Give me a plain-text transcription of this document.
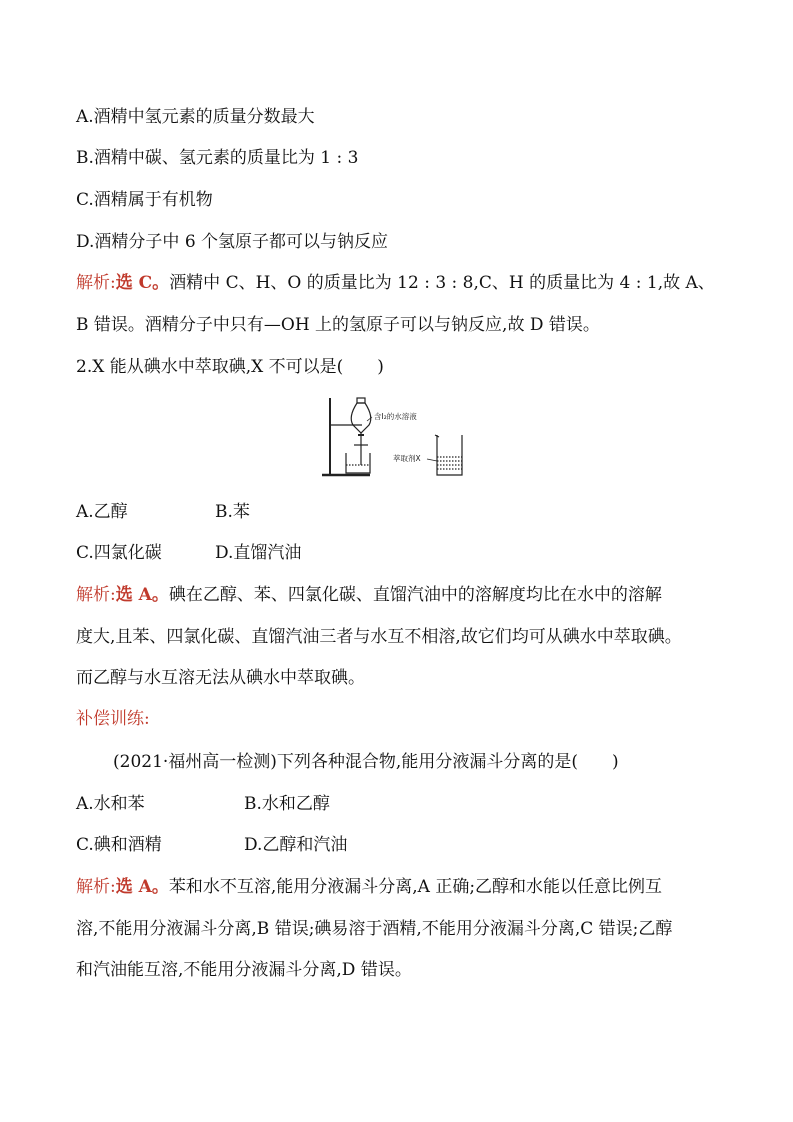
A.酒精中氢元素的质量分数最大
B.酒精中碳、氢元素的质量比为 1 : 3
C.酒精属于有机物
D.酒精分子中 6 个氢原子都可以与钠反应
解析:选 C。酒精中 C、H、O 的质量比为 12 : 3 : 8,C、H 的质量比为 4 : 1,故 A、
B 错误。酒精分子中只有—OH 上的氢原子可以与钠反应,故 D 错误。
2.X 能从碘水中萃取碘,X 不可以是(　　)
含I₂的水溶液
萃取剂X
A.乙醇	B.苯
C.四氯化碳	D.直馏汽油
解析:选 A。碘在乙醇、苯、四氯化碳、直馏汽油中的溶解度均比在水中的溶解
度大,且苯、四氯化碳、直馏汽油三者与水互不相溶,故它们均可从碘水中萃取碘。
而乙醇与水互溶无法从碘水中萃取碘。
补偿训练:
(2021·福州高一检测)下列各种混合物,能用分液漏斗分离的是(　　)
A.水和苯	B.水和乙醇
C.碘和酒精	D.乙醇和汽油
解析:选 A。苯和水不互溶,能用分液漏斗分离,A 正确;乙醇和水能以任意比例互
溶,不能用分液漏斗分离,B 错误;碘易溶于酒精,不能用分液漏斗分离,C 错误;乙醇
和汽油能互溶,不能用分液漏斗分离,D 错误。
